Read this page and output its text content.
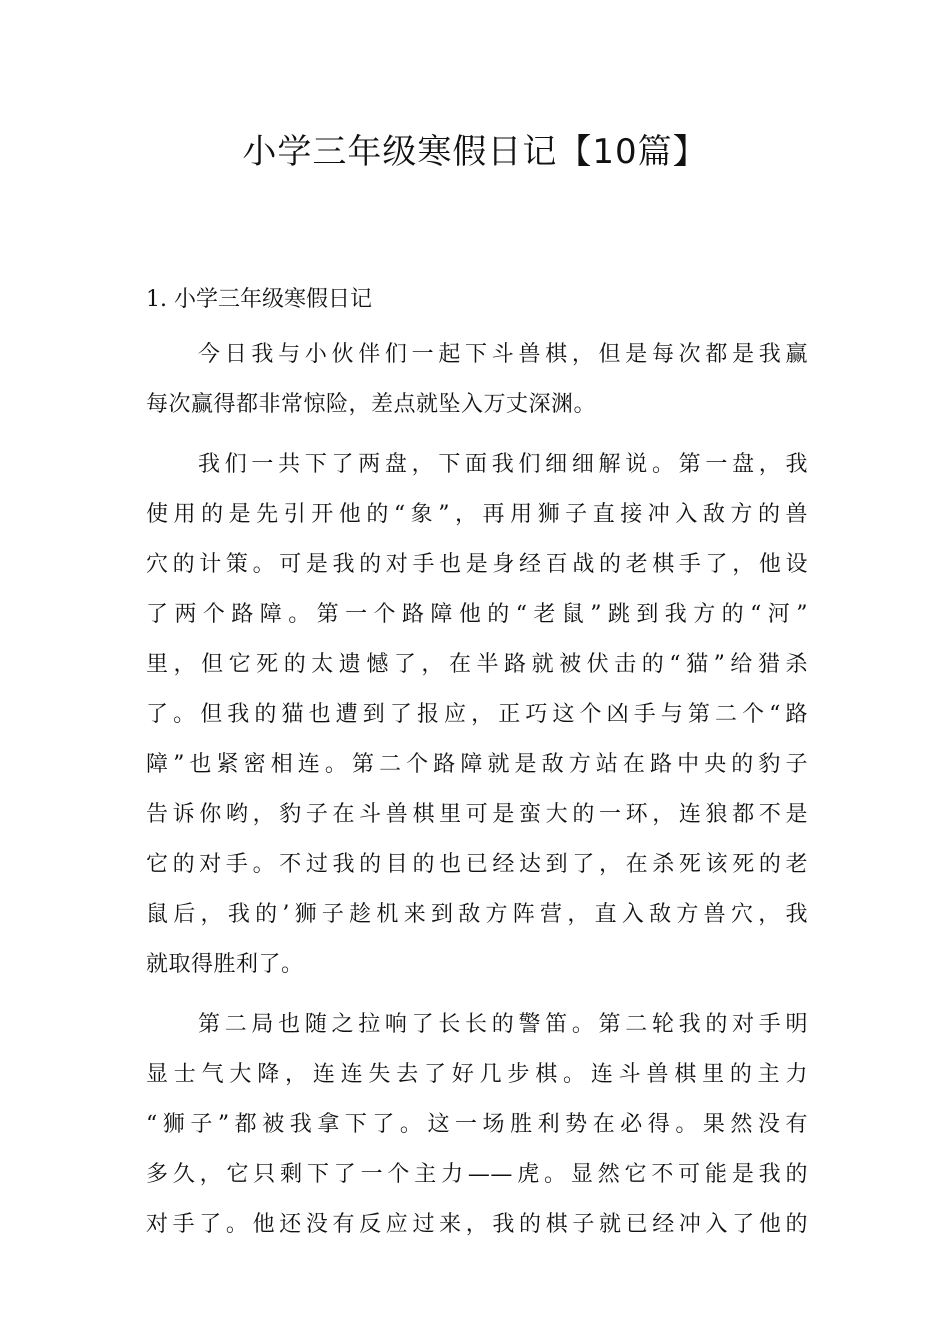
小学三年级寒假日记【10篇】
1. 小学三年级寒假日记
今日我与小伙伴们一起下斗兽棋，但是每次都是我赢
每次赢得都非常惊险，差点就坠入万丈深渊。
我们一共下了两盘，下面我们细细解说。第一盘，我
使用的是先引开他的“象”，再用狮子直接冲入敌方的兽
穴的计策。可是我的对手也是身经百战的老棋手了，他设
了两个路障。第一个路障他的“老鼠”跳到我方的“河”
里，但它死的太遗憾了，在半路就被伏击的“猫”给猎杀
了。但我的猫也遭到了报应，正巧这个凶手与第二个“路
障”也紧密相连。第二个路障就是敌方站在路中央的豹子
告诉你哟，豹子在斗兽棋里可是蛮大的一环，连狼都不是
它的对手。不过我的目的也已经达到了，在杀死该死的老
鼠后，我的’狮子趁机来到敌方阵营，直入敌方兽穴，我
就取得胜利了。
第二局也随之拉响了长长的警笛。第二轮我的对手明
显士气大降，连连失去了好几步棋。连斗兽棋里的主力
“狮子”都被我拿下了。这一场胜利势在必得。果然没有
多久，它只剩下了一个主力——虎。显然它不可能是我的
对手了。他还没有反应过来，我的棋子就已经冲入了他的
